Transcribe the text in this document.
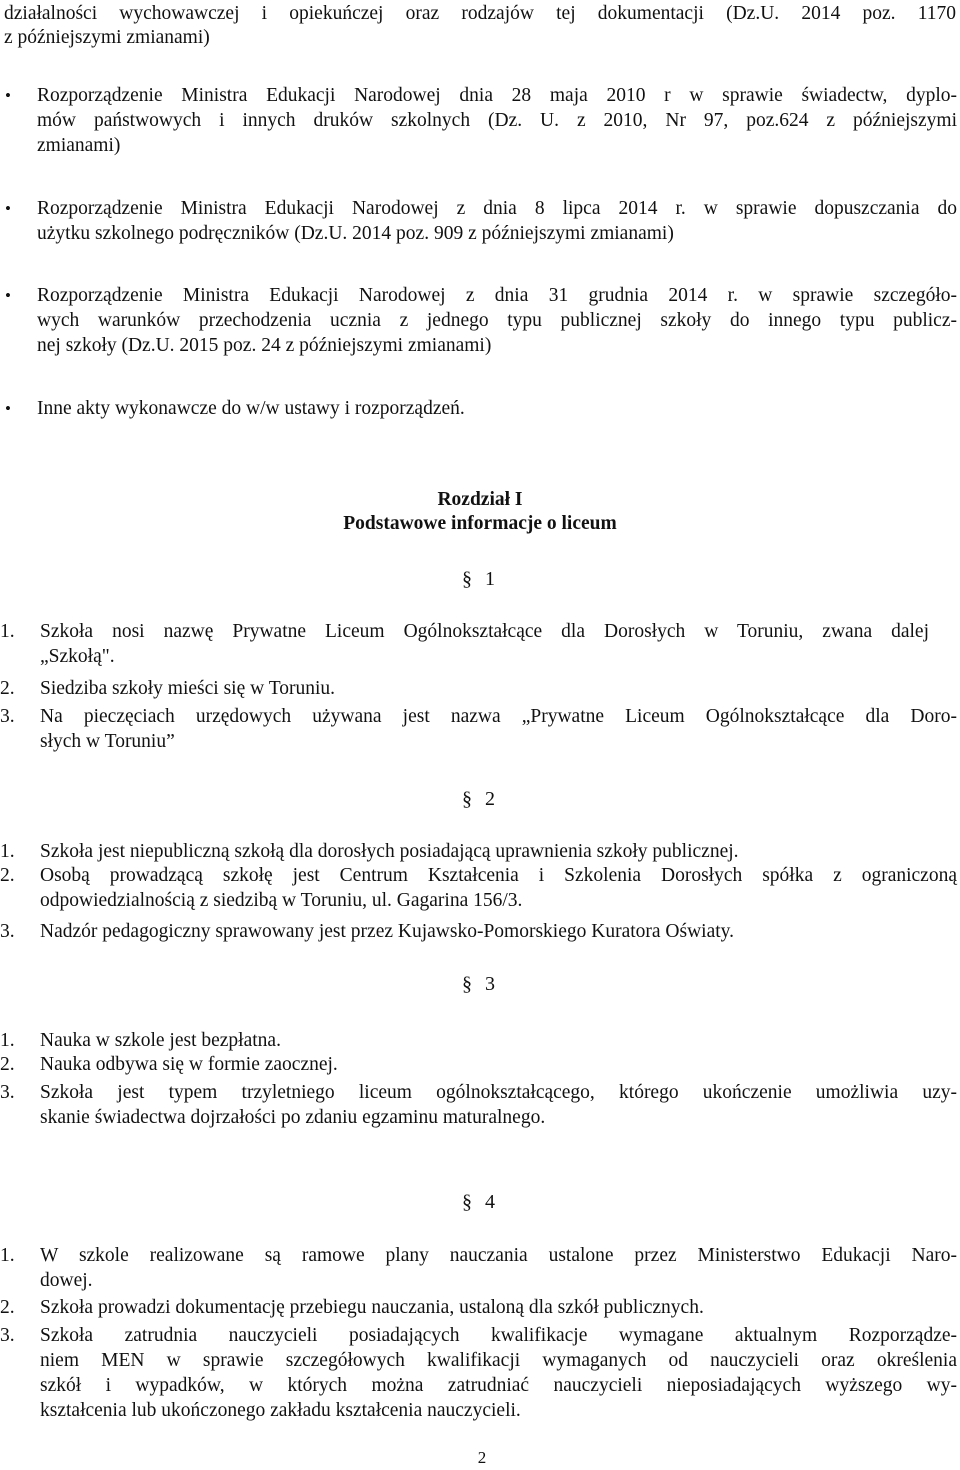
działalności wychowawczej i opiekuńczej oraz rodzajów tej dokumentacji (Dz.U. 2014 poz. 1170
z późniejszymi zmianami)
• Rozporządzenie Ministra Edukacji Narodowej dnia 28 maja 2010 r w sprawie świadectw, dyplo-
mów państwowych i innych druków szkolnych (Dz. U. z 2010, Nr 97, poz.624 z późniejszymi
zmianami)
• Rozporządzenie Ministra Edukacji Narodowej z dnia 8 lipca 2014 r. w sprawie dopuszczania do
użytku szkolnego podręczników (Dz.U. 2014 poz. 909 z późniejszymi zmianami)
• Rozporządzenie Ministra Edukacji Narodowej z dnia 31 grudnia 2014 r. w sprawie szczegóło-
wych warunków przechodzenia ucznia z jednego typu publicznej szkoły do innego typu publicz-
nej szkoły (Dz.U. 2015 poz. 24 z późniejszymi zmianami)
• Inne akty wykonawcze do w/w ustawy i rozporządzeń.
Rozdział I
Podstawowe informacje o liceum
§ 1
1.	Szkoła nosi nazwę Prywatne Liceum Ogólnokształcące dla Dorosłych w Toruniu, zwana dalej
„Szkołą".
2.	Siedziba szkoły mieści się w Toruniu.
3.	Na pieczęciach urzędowych używana jest nazwa „Prywatne Liceum Ogólnokształcące dla Doro-
słych w Toruniu”
§ 2
1.	Szkoła jest niepubliczną szkołą dla dorosłych posiadającą uprawnienia szkoły publicznej.
2.	Osobą prowadzącą szkołę jest Centrum Kształcenia i Szkolenia Dorosłych spółka z ograniczoną
odpowiedzialnością z siedzibą w Toruniu, ul. Gagarina 156/3.
3.	Nadzór pedagogiczny sprawowany jest przez Kujawsko-Pomorskiego Kuratora Oświaty.
§ 3
1.	Nauka w szkole jest bezpłatna.
2.	Nauka odbywa się w formie zaocznej.
3.	Szkoła jest typem trzyletniego liceum ogólnokształcącego, którego ukończenie umożliwia uzy-
skanie świadectwa dojrzałości po zdaniu egzaminu maturalnego.
§ 4
1.	W szkole realizowane są ramowe plany nauczania ustalone przez Ministerstwo Edukacji Naro-
dowej.
2.	Szkoła prowadzi dokumentację przebiegu nauczania, ustaloną dla szkół publicznych.
3.	Szkoła zatrudnia nauczycieli posiadających kwalifikacje wymagane aktualnym Rozporządze-
niem MEN w sprawie szczegółowych kwalifikacji wymaganych od nauczycieli oraz określenia
szkół i wypadków, w których można zatrudniać nauczycieli nieposiadających wyższego wy-
kształcenia lub ukończonego zakładu kształcenia nauczycieli.
2
